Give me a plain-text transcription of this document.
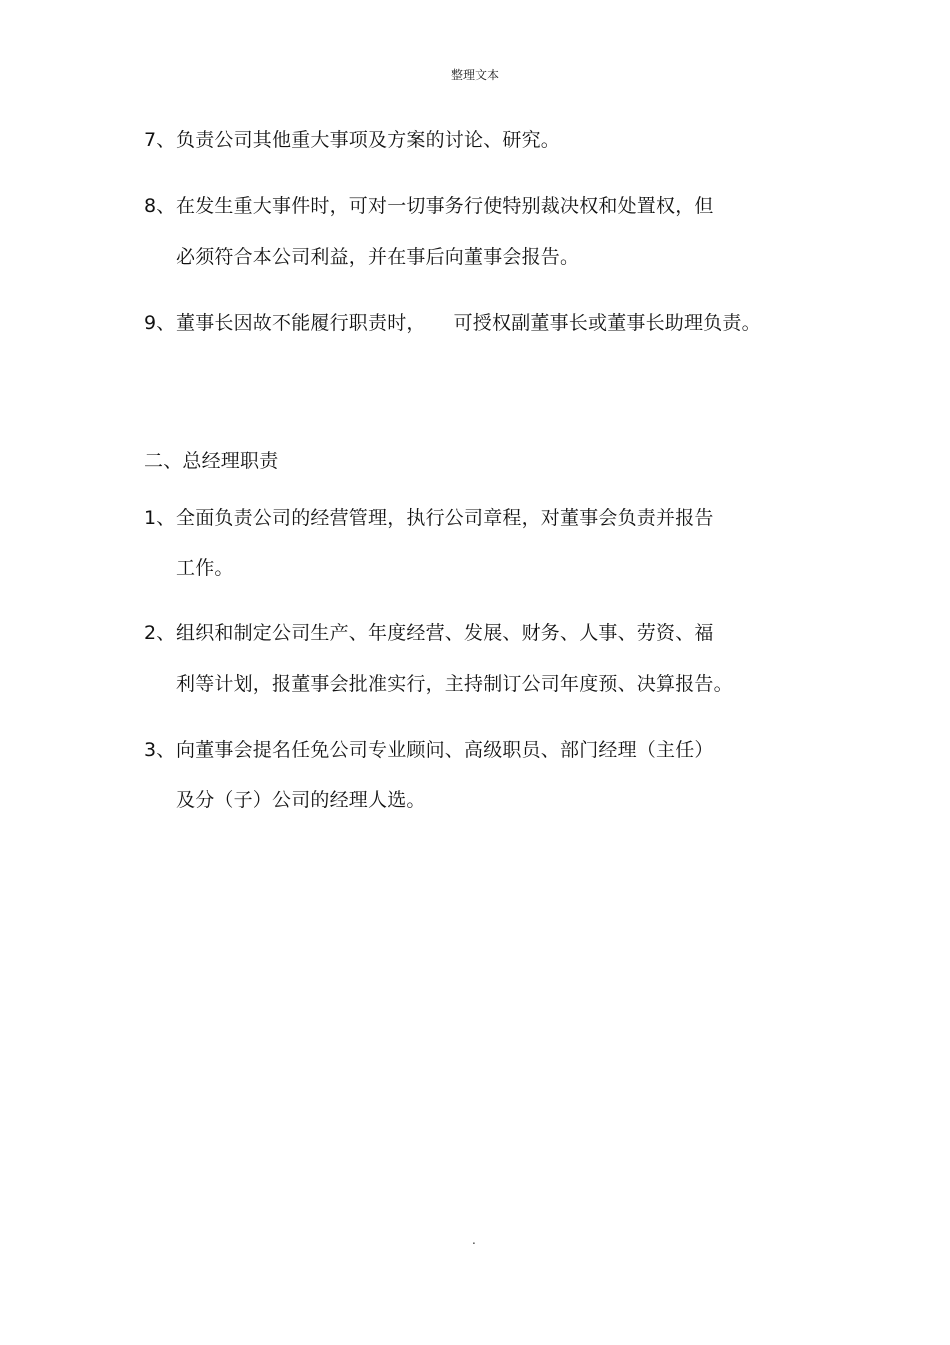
整理文本
7、负责公司其他重大事项及方案的讨论、研究。
8、在发生重大事件时，可对一切事务行使特别裁决权和处置权，但
必须符合本公司利益，并在事后向董事会报告。
9、董事长因故不能履行职责时， 可授权副董事长或董事长助理负责。
二、总经理职责
1、全面负责公司的经营管理，执行公司章程，对董事会负责并报告
工作。
2、组织和制定公司生产、年度经营、发展、财务、人事、劳资、福
利等计划，报董事会批准实行，主持制订公司年度预、决算报告。
3、向董事会提名任免公司专业顾问、高级职员、部门经理（主任）
及分（子）公司的经理人选。
.
